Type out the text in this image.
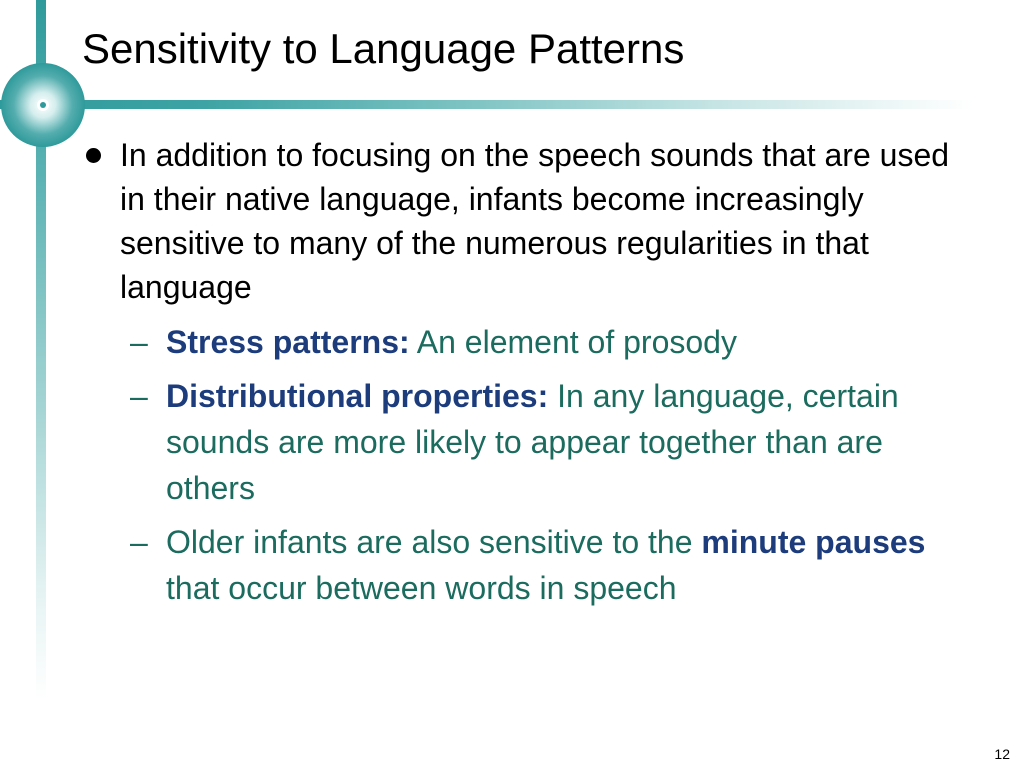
Sensitivity to Language Patterns
In addition to focusing on the speech sounds that are used in their native language, infants become increasingly sensitive to many of the numerous regularities in that language
– Stress patterns: An element of prosody
– Distributional properties: In any language, certain sounds are more likely to appear together than are others
– Older infants are also sensitive to the minute pauses that occur between words in speech
12
